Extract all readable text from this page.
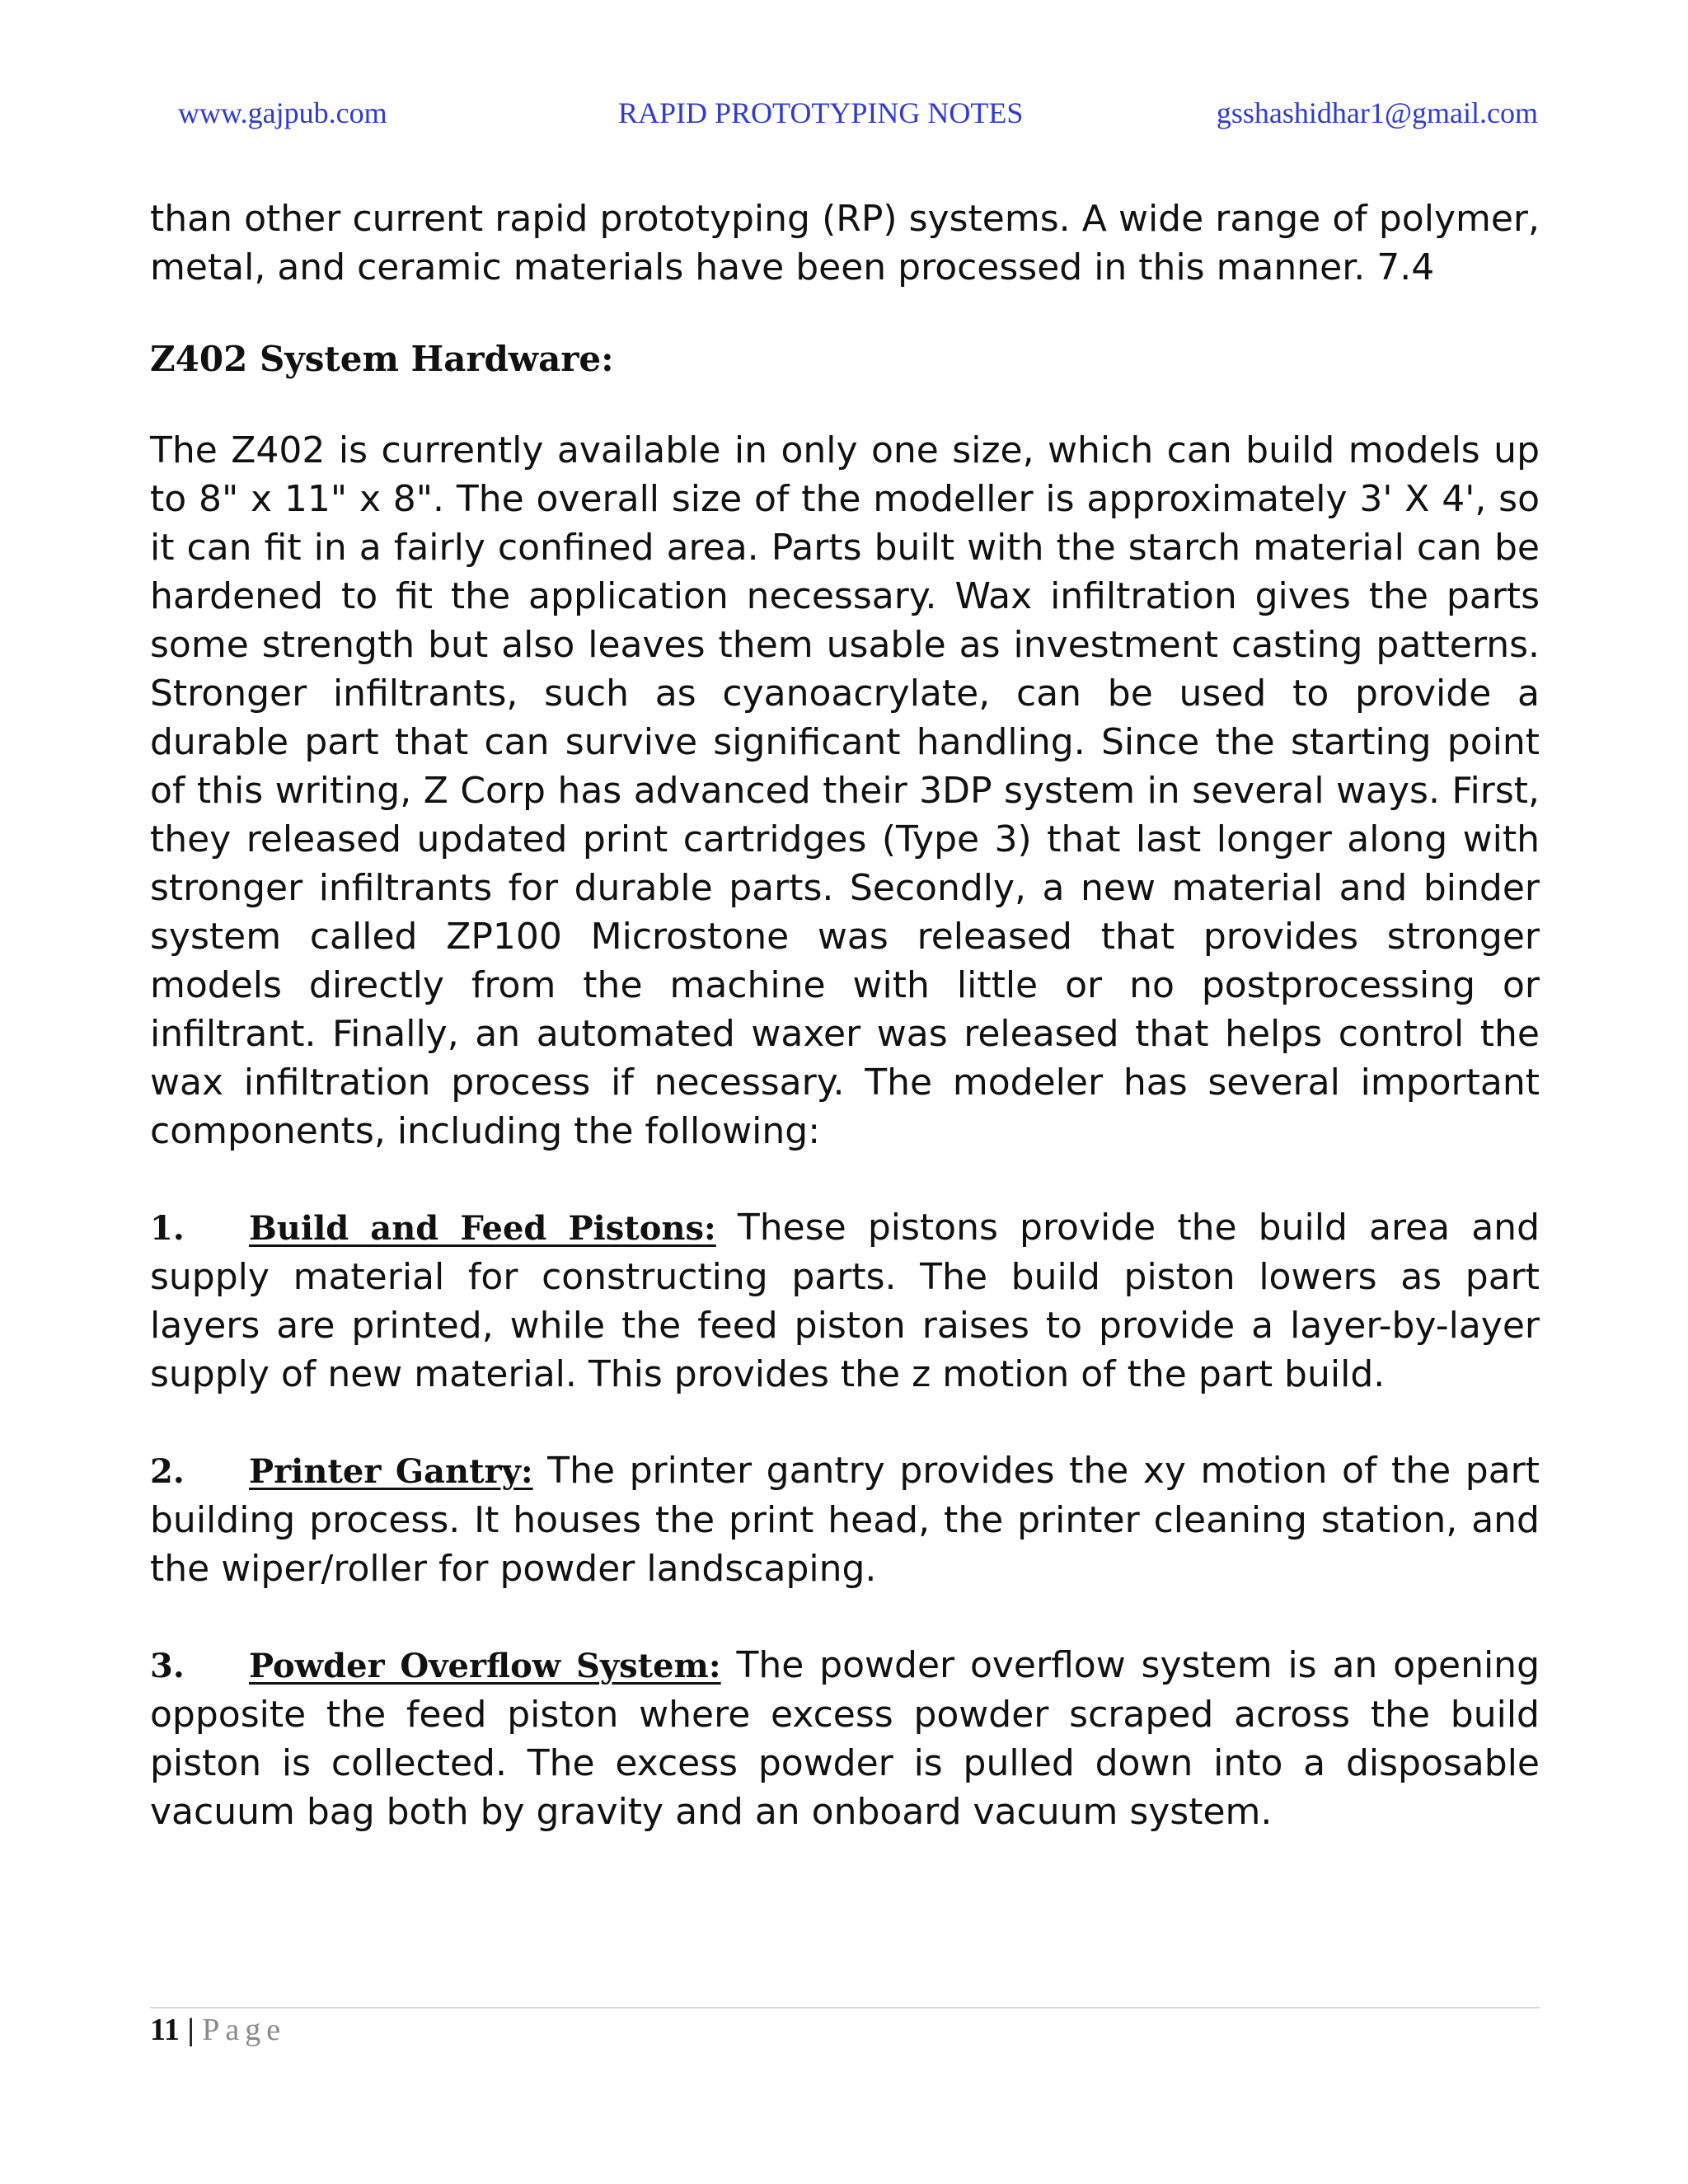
www.gajpub.com	RAPID PROTOTYPING NOTES	gsshashidhar1@gmail.com

than other current rapid prototyping (RP) systems. A wide range of polymer, metal, and ceramic materials have been processed in this manner. 7.4

Z402 System Hardware:

The Z402 is currently available in only one size, which can build models up to 8" x 11" x 8". The overall size of the modeller is approximately 3' X 4', so it can fit in a fairly confined area. Parts built with the starch material can be hardened to fit the application necessary. Wax infiltration gives the parts some strength but also leaves them usable as investment casting patterns. Stronger infiltrants, such as cyanoacrylate, can be used to provide a durable part that can survive significant handling. Since the starting point of this writing, Z Corp has advanced their 3DP system in several ways. First, they released updated print cartridges (Type 3) that last longer along with stronger infiltrants for durable parts. Secondly, a new material and binder system called ZP100 Microstone was released that provides stronger models directly from the machine with little or no postprocessing or infiltrant. Finally, an automated waxer was released that helps control the wax infiltration process if necessary. The modeler has several important components, including the following:

1. Build and Feed Pistons: These pistons provide the build area and supply material for constructing parts. The build piston lowers as part layers are printed, while the feed piston raises to provide a layer-by-layer supply of new material. This provides the z motion of the part build.

2. Printer Gantry: The printer gantry provides the xy motion of the part building process. It houses the print head, the printer cleaning station, and the wiper/roller for powder landscaping.

3. Powder Overflow System: The powder overflow system is an opening opposite the feed piston where excess powder scraped across the build piston is collected. The excess powder is pulled down into a disposable vacuum bag both by gravity and an onboard vacuum system.

11 | Page
